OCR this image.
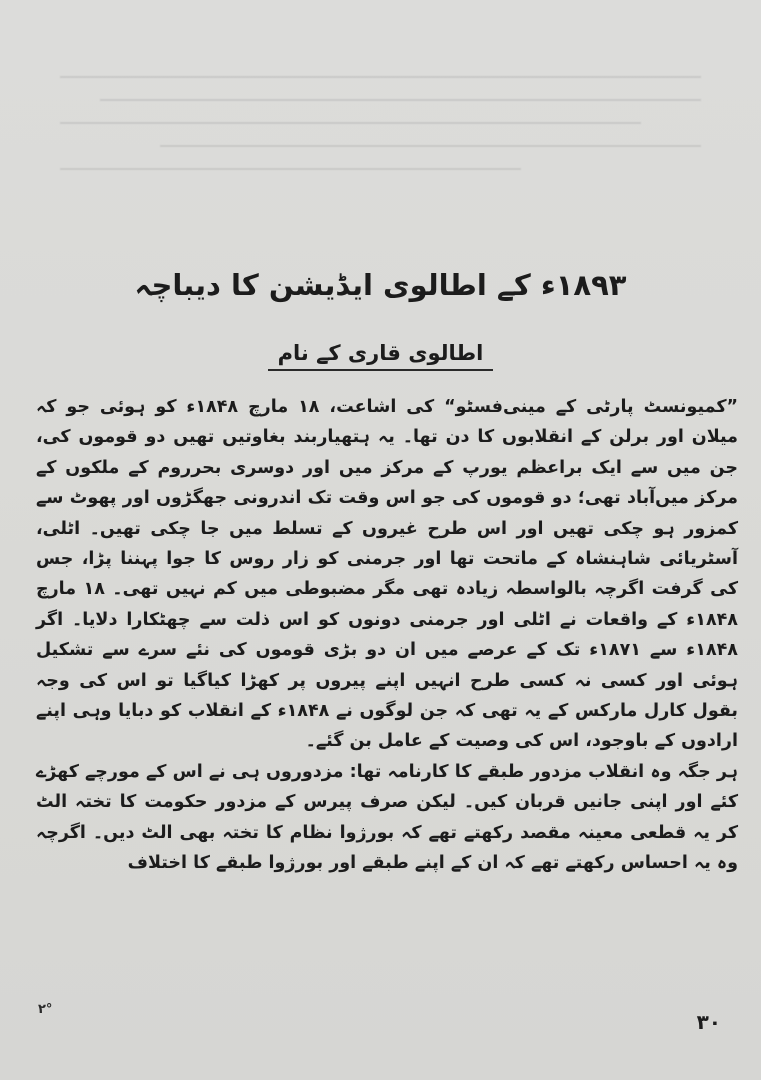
۱۸۹۳ء کے اطالوی ایڈیشن کا دیباچہ
اطالوی قاری کے نام

”کمیونسٹ پارٹی کے مینی‌فسٹو“ کی اشاعت، ۱۸ مارچ ۱۸۴۸ء کو ہوئی جو کہ میلان اور برلن کے انقلابوں کا دن تھا۔ یہ ہتھیاربند بغاوتیں تھیں دو قوموں کی، جن میں سے ایک براعظم یورپ کے مرکز میں اور دوسری بحرروم کے ملکوں کے مرکز میں‌آباد تھی؛ دو قوموں کی جو اس وقت تک اندرونی جھگڑوں اور پھوٹ سے کمزور ہو چکی تھیں اور اس طرح غیروں کے تسلط میں جا چکی تھیں۔ اٹلی، آسٹریائی شاہنشاہ کے ماتحت تھا اور جرمنی کو زار روس کا جوا پہننا پڑا، جس کی گرفت اگرچہ بالواسطہ زیادہ تھی مگر مضبوطی میں کم نہیں تھی۔ ۱۸ مارچ ۱۸۴۸ء کے واقعات نے اٹلی اور جرمنی دونوں کو اس ذلت سے چھٹکارا دلایا۔ اگر ۱۸۴۸ء سے ۱۸۷۱ء تک کے عرصے میں ان دو بڑی قوموں کی نئے سرے سے تشکیل ہوئی اور کسی نہ کسی طرح انہیں اپنے پیروں پر کھڑا کیاگیا تو اس کی وجہ بقول کارل مارکس کے یہ تھی کہ جن لوگوں نے ۱۸۴۸ء کے انقلاب کو دبایا وہی اپنے ارادوں کے باوجود، اس کی وصیت کے عامل بن گئے۔

ہر جگہ وہ انقلاب مزدور طبقے کا کارنامہ تھا: مزدوروں ہی نے اس کے مورچے کھڑے کئے اور اپنی جانیں قربان کیں۔ لیکن صرف پیرس کے مزدور حکومت کا تختہ الٹ کر یہ قطعی معینہ مقصد رکھتے تھے کہ بورژوا نظام کا تختہ بھی الٹ دیں۔ اگرچہ وہ یہ احساس رکھتے تھے کہ ان کے اپنے طبقے اور بورژوا طبقے کا اختلاف

۲°
۳۰
